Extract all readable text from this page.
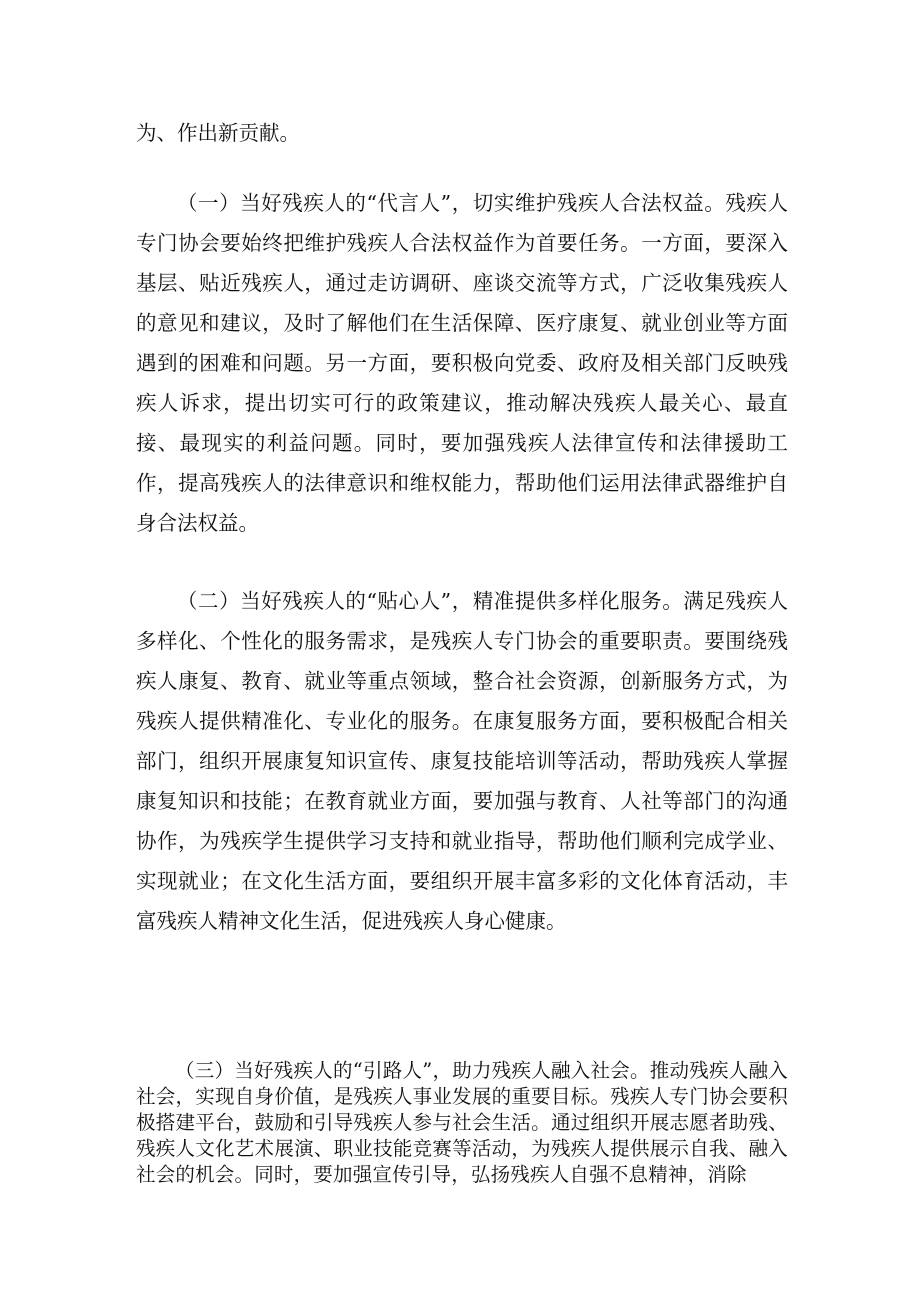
为、作出新贡献。

（一）当好残疾人的“代言人”，切实维护残疾人合法权益。残疾人专门协会要始终把维护残疾人合法权益作为首要任务。一方面，要深入基层、贴近残疾人，通过走访调研、座谈交流等方式，广泛收集残疾人的意见和建议，及时了解他们在生活保障、医疗康复、就业创业等方面遇到的困难和问题。另一方面，要积极向党委、政府及相关部门反映残疾人诉求，提出切实可行的政策建议，推动解决残疾人最关心、最直接、最现实的利益问题。同时，要加强残疾人法律宣传和法律援助工作，提高残疾人的法律意识和维权能力，帮助他们运用法律武器维护自身合法权益。

（二）当好残疾人的“贴心人”，精准提供多样化服务。满足残疾人多样化、个性化的服务需求，是残疾人专门协会的重要职责。要围绕残疾人康复、教育、就业等重点领域，整合社会资源，创新服务方式，为残疾人提供精准化、专业化的服务。在康复服务方面，要积极配合相关部门，组织开展康复知识宣传、康复技能培训等活动，帮助残疾人掌握康复知识和技能；在教育就业方面，要加强与教育、人社等部门的沟通协作，为残疾学生提供学习支持和就业指导，帮助他们顺利完成学业、实现就业；在文化生活方面，要组织开展丰富多彩的文化体育活动，丰富残疾人精神文化生活，促进残疾人身心健康。

（三）当好残疾人的“引路人”，助力残疾人融入社会。推动残疾人融入社会，实现自身价值，是残疾人事业发展的重要目标。残疾人专门协会要积极搭建平台，鼓励和引导残疾人参与社会生活。通过组织开展志愿者助残、残疾人文化艺术展演、职业技能竞赛等活动，为残疾人提供展示自我、融入社会的机会。同时，要加强宣传引导，弘扬残疾人自强不息精神，消除
